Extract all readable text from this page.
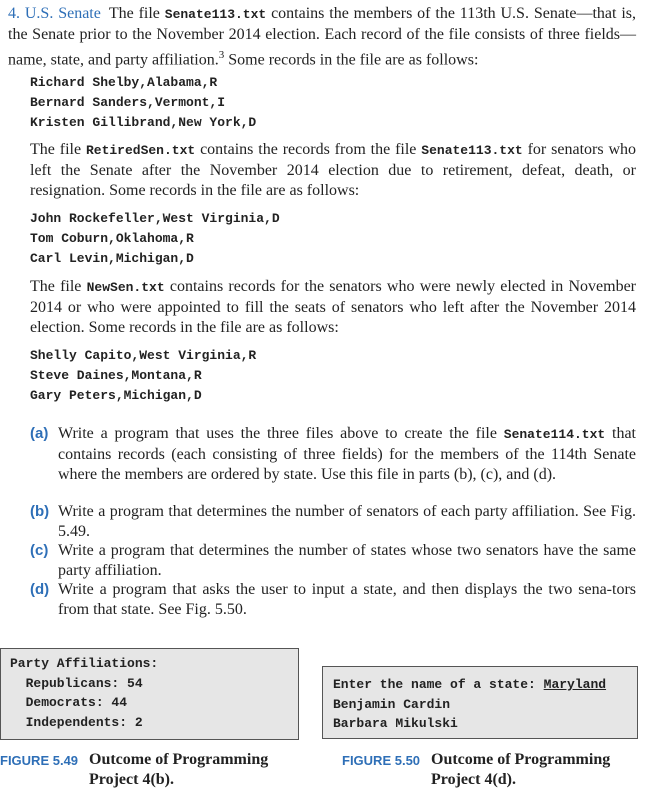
4. U.S. Senate The file Senate113.txt contains the members of the 113th U.S. Senate—that is, the Senate prior to the November 2014 election. Each record of the file consists of three fields—name, state, and party affiliation.$^3$ Some records in the file are as follows:
Richard Shelby,Alabama,R
Bernard Sanders,Vermont,I
Kristen Gillibrand,New York,D
The file RetiredSen.txt contains the records from the file Senate113.txt for senators who left the Senate after the November 2014 election due to retirement, defeat, death, or resignation. Some records in the file are as follows:
John Rockefeller,West Virginia,D
Tom Coburn,Oklahoma,R
Carl Levin,Michigan,D
The file NewSen.txt contains records for the senators who were newly elected in November 2014 or who were appointed to fill the seats of senators who left after the November 2014 election. Some records in the file are as follows:
Shelly Capito,West Virginia,R
Steve Daines,Montana,R
Gary Peters,Michigan,D
(a) Write a program that uses the three files above to create the file Senate114.txt that contains records (each consisting of three fields) for the members of the 114th Senate where the members are ordered by state. Use this file in parts (b), (c), and (d).
(b) Write a program that determines the number of senators of each party affiliation. See Fig. 5.49.
(c) Write a program that determines the number of states whose two senators have the same party affiliation.
(d) Write a program that asks the user to input a state, and then displays the two sena-tors from that state. See Fig. 5.50.
Party Affiliations:
Republicans: 54
Democrats: 44
Independents: 2
Enter the name of a state: Maryland
Benjamin Cardin
Barbara Mikulski
FIGURE 5.49 Outcome of Programming Project 4(b).
FIGURE 5.50 Outcome of Programming Project 4(d).
